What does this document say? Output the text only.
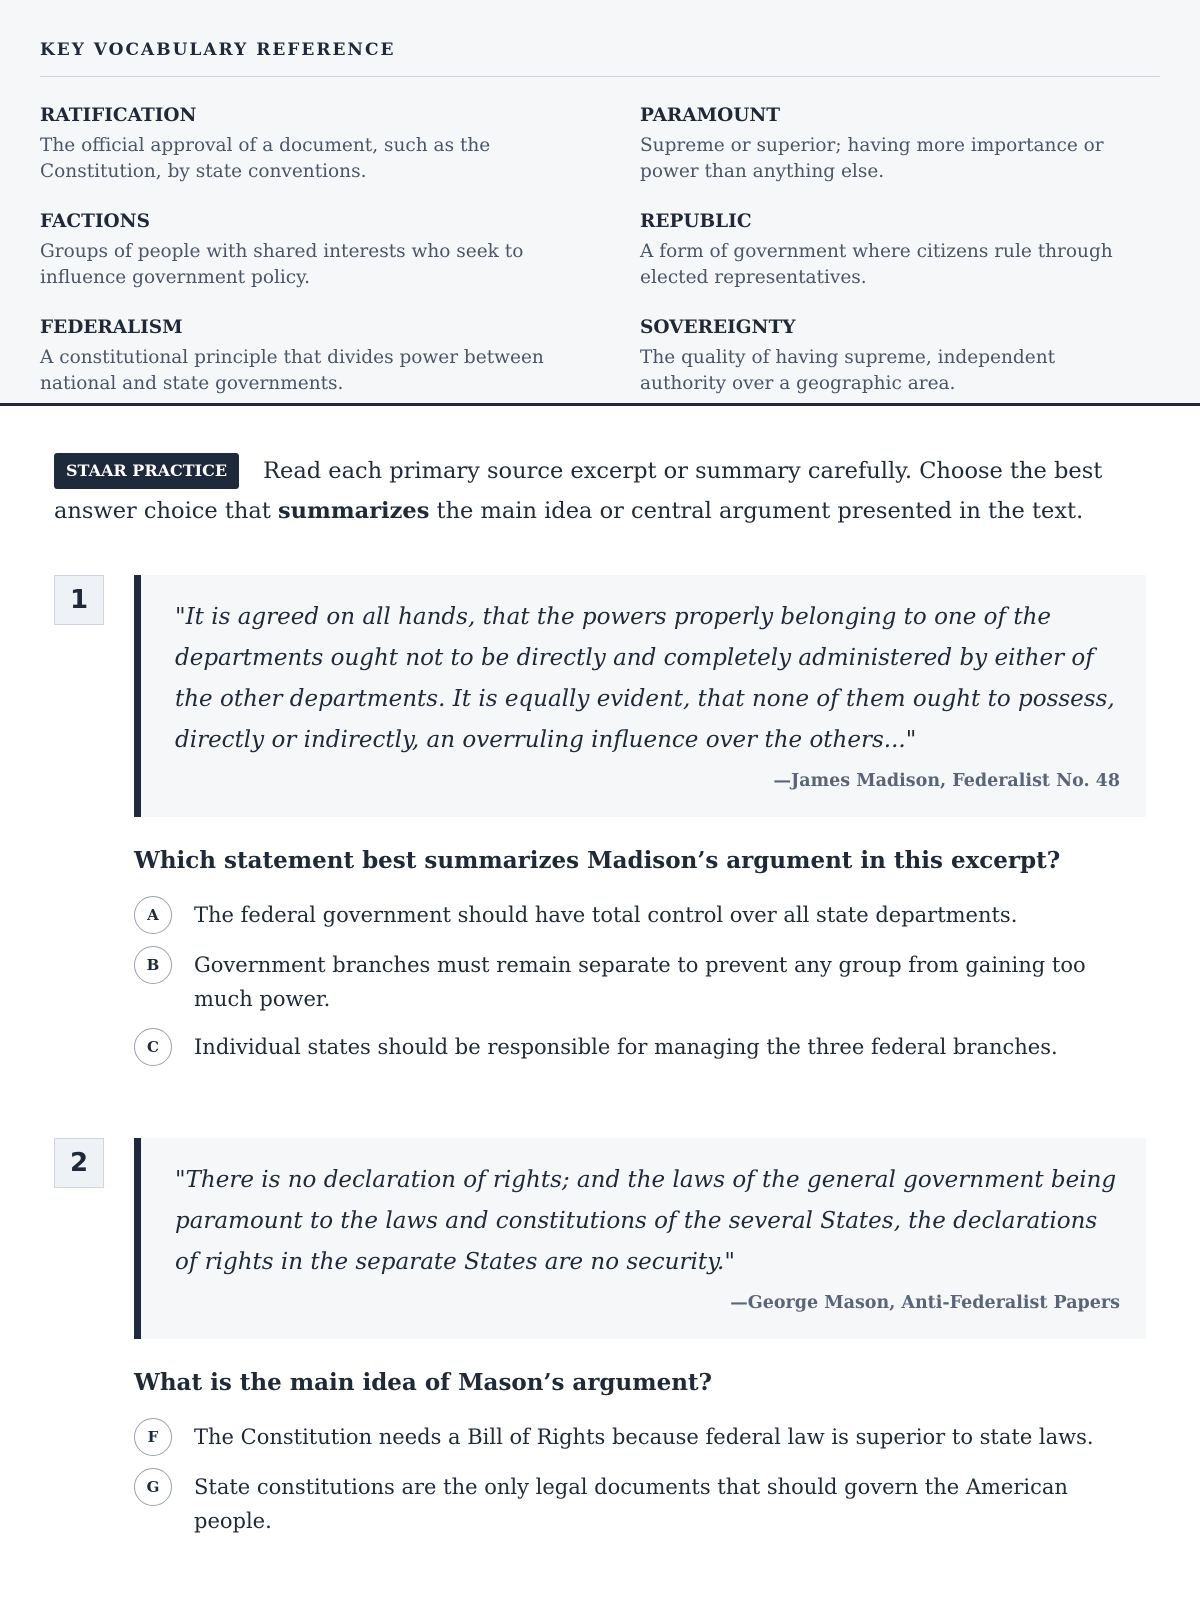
KEY VOCABULARY REFERENCE
RATIFICATION
The official approval of a document, such as the Constitution, by state conventions.
PARAMOUNT
Supreme or superior; having more importance or power than anything else.
FACTIONS
Groups of people with shared interests who seek to influence government policy.
REPUBLIC
A form of government where citizens rule through elected representatives.
FEDERALISM
A constitutional principle that divides power between national and state governments.
SOVEREIGNTY
The quality of having supreme, independent authority over a geographic area.
STAAR PRACTICE Read each primary source excerpt or summary carefully. Choose the best answer choice that summarizes the main idea or central argument presented in the text.
1
"It is agreed on all hands, that the powers properly belonging to one of the departments ought not to be directly and completely administered by either of the other departments. It is equally evident, that none of them ought to possess, directly or indirectly, an overruling influence over the others..."
—James Madison, Federalist No. 48
Which statement best summarizes Madison’s argument in this excerpt?
A	The federal government should have total control over all state departments.
B	Government branches must remain separate to prevent any group from gaining too much power.
C	Individual states should be responsible for managing the three federal branches.
2
"There is no declaration of rights; and the laws of the general government being paramount to the laws and constitutions of the several States, the declarations of rights in the separate States are no security."
—George Mason, Anti-Federalist Papers
What is the main idea of Mason’s argument?
F	The Constitution needs a Bill of Rights because federal law is superior to state laws.
G	State constitutions are the only legal documents that should govern the American people.
